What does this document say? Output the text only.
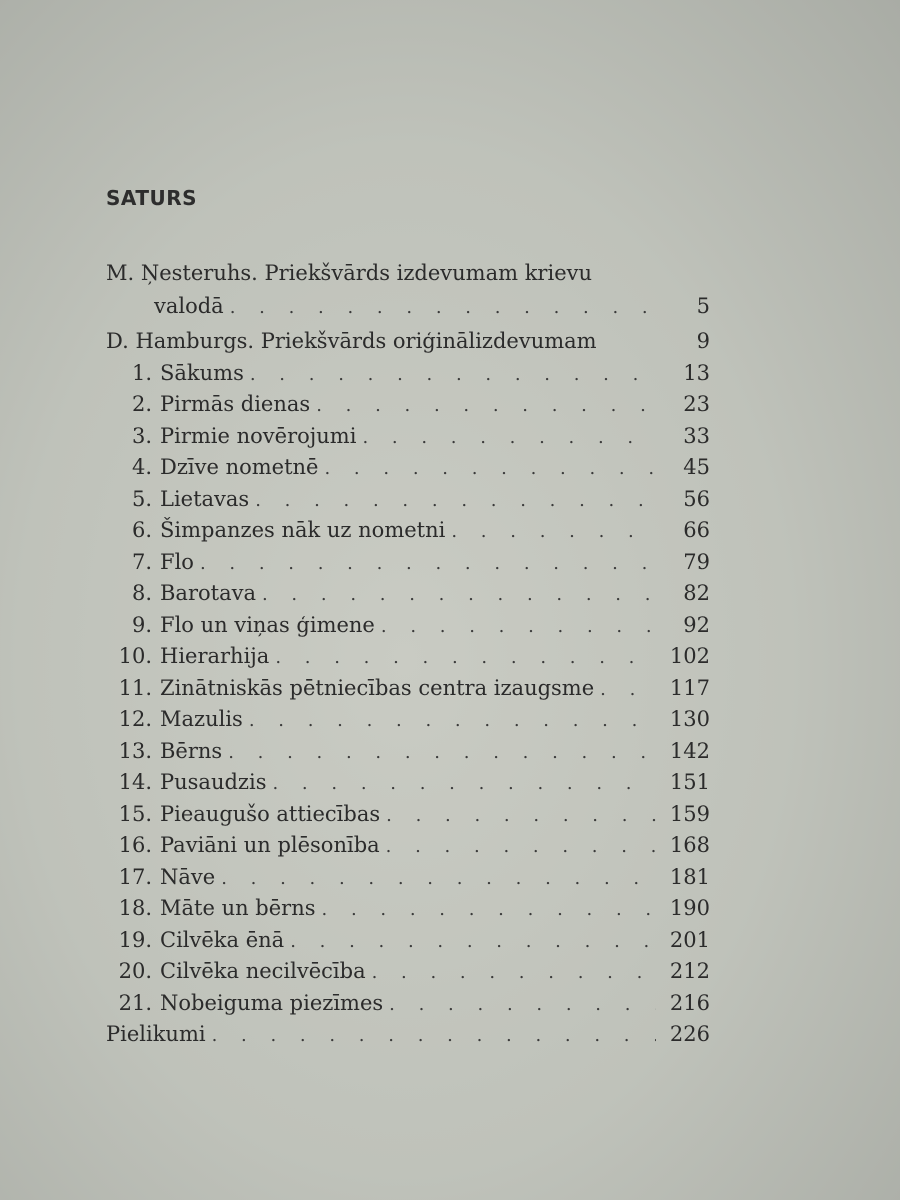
SATURS
M. Ņesteruhs. Priekšvārds izdevumam krievu
valodā . . .	5
D. Hamburgs. Priekšvārds oriģinālizdevumam	9
1. Sākums . . .	13
2. Pirmās dienas . . .	23
3. Pirmie novērojumi . . .	33
4. Dzīve nometnē . . .	45
5. Lietavas . . .	56
6. Šimpanzes nāk uz nometni . . .	66
7. Flo . . .	79
8. Barotava . . .	82
9. Flo un viņas ģimene . . .	92
10. Hierarhija . . .	102
11. Zinātniskās pētniecības centra izaugsme . . .	117
12. Mazulis . . .	130
13. Bērns . . .	142
14. Pusaudzis . . .	151
15. Pieaugušo attiecības . . .	159
16. Paviāni un plēsonība . . .	168
17. Nāve . . .	181
18. Māte un bērns . . .	190
19. Cilvēka ēnā . . .	201
20. Cilvēka necilvēcība . . .	212
21. Nobeiguma piezīmes . . .	216
Pielikumi . . .	226
